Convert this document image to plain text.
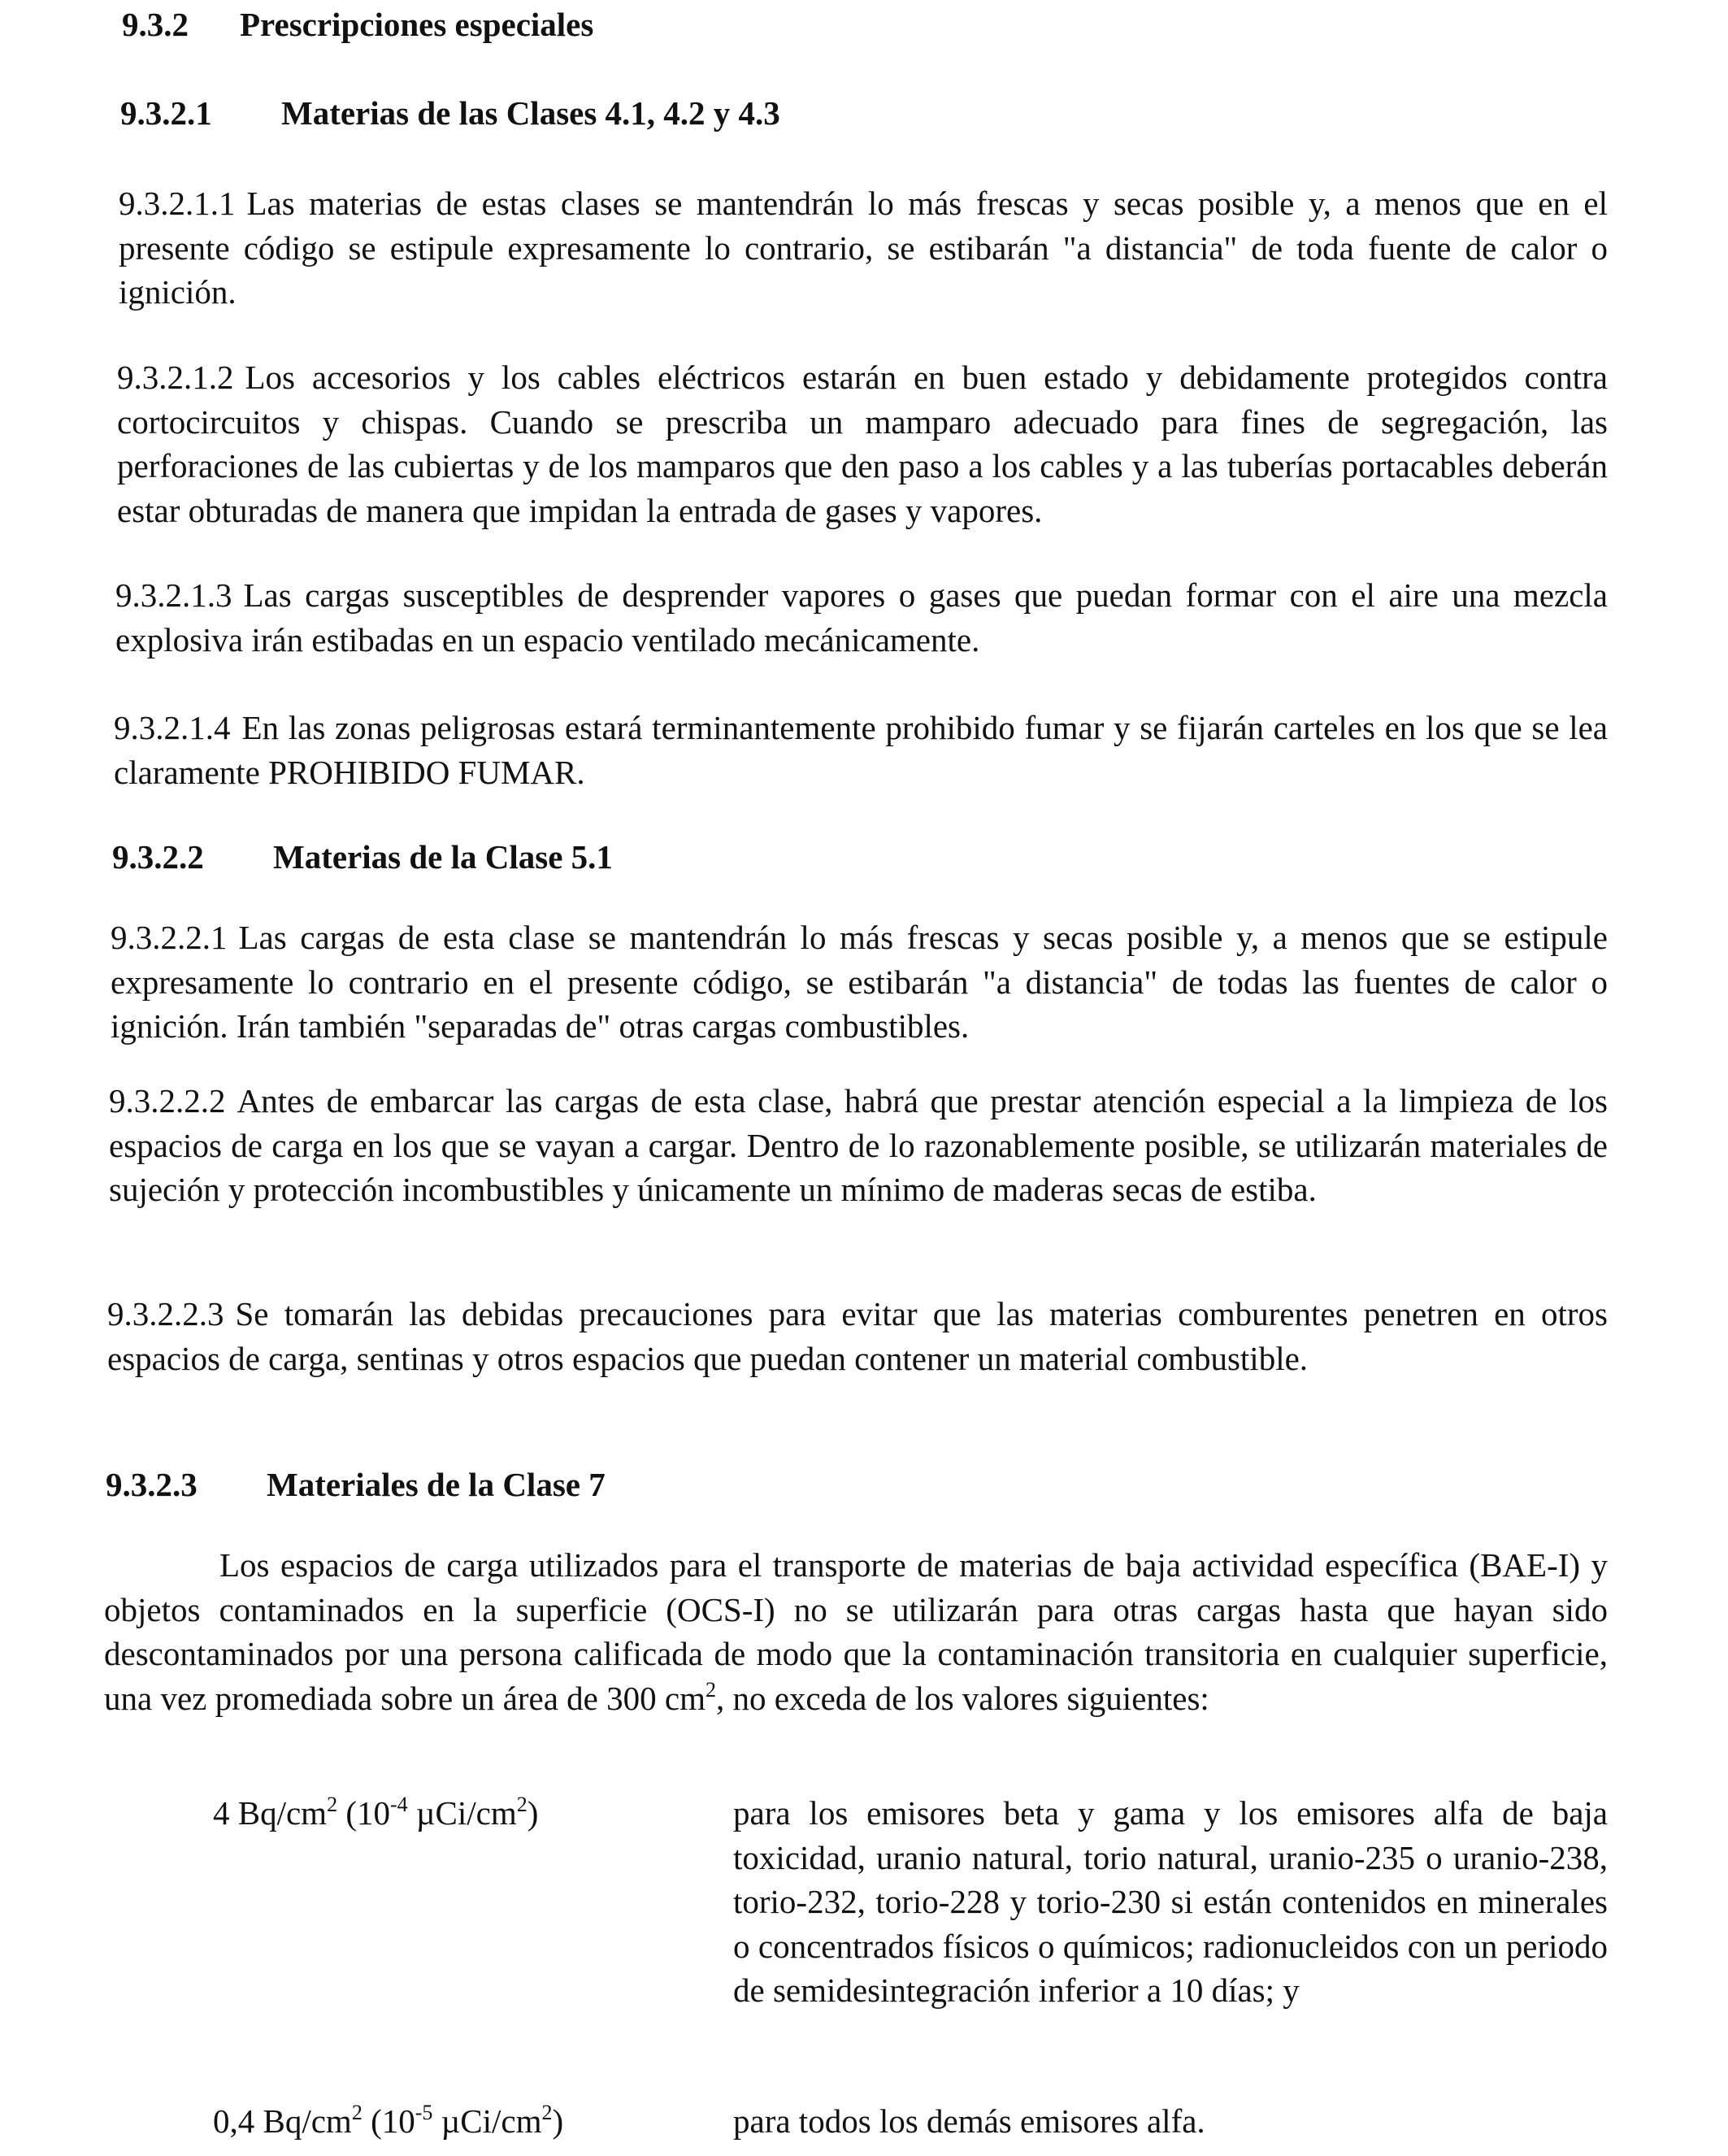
9.3.2 Prescripciones especiales
9.3.2.1 Materias de las Clases 4.1, 4.2 y 4.3
9.3.2.1.1 Las materias de estas clases se mantendrán lo más frescas y secas posible y, a menos que en el presente código se estipule expresamente lo contrario, se estibarán "a distancia" de toda fuente de calor o ignición.
9.3.2.1.2 Los accesorios y los cables eléctricos estarán en buen estado y debidamente protegidos contra cortocircuitos y chispas. Cuando se prescriba un mamparo adecuado para fines de segregación, las perforaciones de las cubiertas y de los mamparos que den paso a los cables y a las tuberías portacables deberán estar obturadas de manera que impidan la entrada de gases y vapores.
9.3.2.1.3 Las cargas susceptibles de desprender vapores o gases que puedan formar con el aire una mezcla explosiva irán estibadas en un espacio ventilado mecánicamente.
9.3.2.1.4 En las zonas peligrosas estará terminantemente prohibido fumar y se fijarán carteles en los que se lea claramente PROHIBIDO FUMAR.
9.3.2.2 Materias de la Clase 5.1
9.3.2.2.1 Las cargas de esta clase se mantendrán lo más frescas y secas posible y, a menos que se estipule expresamente lo contrario en el presente código, se estibarán "a distancia" de todas las fuentes de calor o ignición. Irán también "separadas de" otras cargas combustibles.
9.3.2.2.2 Antes de embarcar las cargas de esta clase, habrá que prestar atención especial a la limpieza de los espacios de carga en los que se vayan a cargar. Dentro de lo razonablemente posible, se utilizarán materiales de sujeción y protección incombustibles y únicamente un mínimo de maderas secas de estiba.
9.3.2.2.3 Se tomarán las debidas precauciones para evitar que las materias comburentes penetren en otros espacios de carga, sentinas y otros espacios que puedan contener un material combustible.
9.3.2.3 Materiales de la Clase 7
Los espacios de carga utilizados para el transporte de materias de baja actividad específica (BAE-I) y objetos contaminados en la superficie (OCS-I) no se utilizarán para otras cargas hasta que hayan sido descontaminados por una persona calificada de modo que la contaminación transitoria en cualquier superficie, una vez promediada sobre un área de 300 $cm^2$, no exceda de los valores siguientes:
4 $Bq/cm^2$ ($10^{-4}$ µCi/$cm^2$)	para los emisores beta y gama y los emisores alfa de baja toxicidad, uranio natural, torio natural, uranio-235 o uranio-238, torio-232, torio-228 y torio-230 si están contenidos en minerales o concentrados físicos o químicos; radionucleidos con un periodo de semidesintegración inferior a 10 días; y
0,4 $Bq/cm^2$ ($10^{-5}$ µCi/$cm^2$)	para todos los demás emisores alfa.
